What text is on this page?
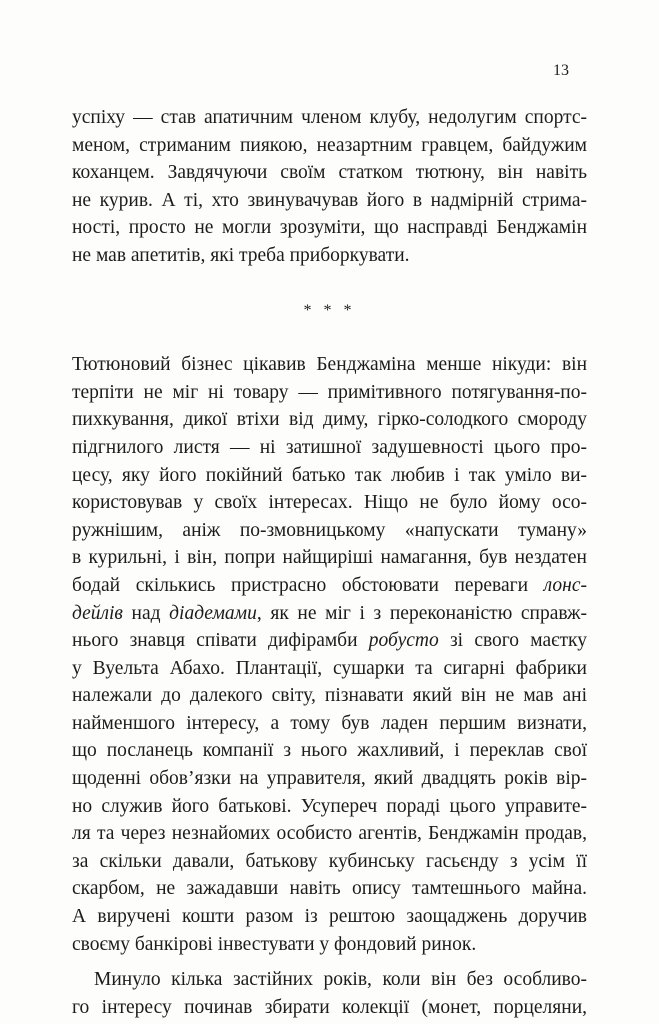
13
успіху — став апатичним членом клубу, недолугим спортс-
меном, стриманим пиякою, неазартним гравцем, байдужим
коханцем. Завдячуючи своїм статком тютюну, він навіть
не курив. А ті, хто звинувачував його в надмірній стрима-
ності, просто не могли зрозуміти, що насправді Бенджамін
не мав апетитів, які треба приборкувати.
* * *
Тютюновий бізнес цікавив Бенджаміна менше нікуди: він
терпіти не міг ні товару — примітивного потягування-по-
пихкування, дикої втіхи від диму, гірко-солодкого смороду
підгнилого листя — ні затишної задушевності цього про-
цесу, яку його покійний батько так любив і так уміло ви-
користовував у своїх інтересах. Ніщо не було йому осо-
ружнішим, аніж по-змовницькому «напускати туману»
в курильні, і він, попри найщиріші намагання, був нездатен
бодай скількись пристрасно обстоювати переваги лонс-
дейлів над діадемами, як не міг і з переконаністю справж-
нього знавця співати дифірамби робусто зі свого маєтку
у Вуельта Абахо. Плантації, сушарки та сигарні фабрики
належали до далекого світу, пізнавати який він не мав ані
найменшого інтересу, а тому був ладен першим визнати,
що посланець компанії з нього жахливий, і переклав свої
щоденні обов’язки на управителя, який двадцять років вір-
но служив його батькові. Усупереч пораді цього управите-
ля та через незнайомих особисто агентів, Бенджамін продав,
за скільки давали, батькову кубинську гасьєнду з усім її
скарбом, не зажадавши навіть опису тамтешнього майна.
А виручені кошти разом із рештою заощаджень доручив
своєму банкірові інвестувати у фондовий ринок.
Минуло кілька застійних років, коли він без особливо-
го інтересу починав збирати колекції (монет, порцеляни,
